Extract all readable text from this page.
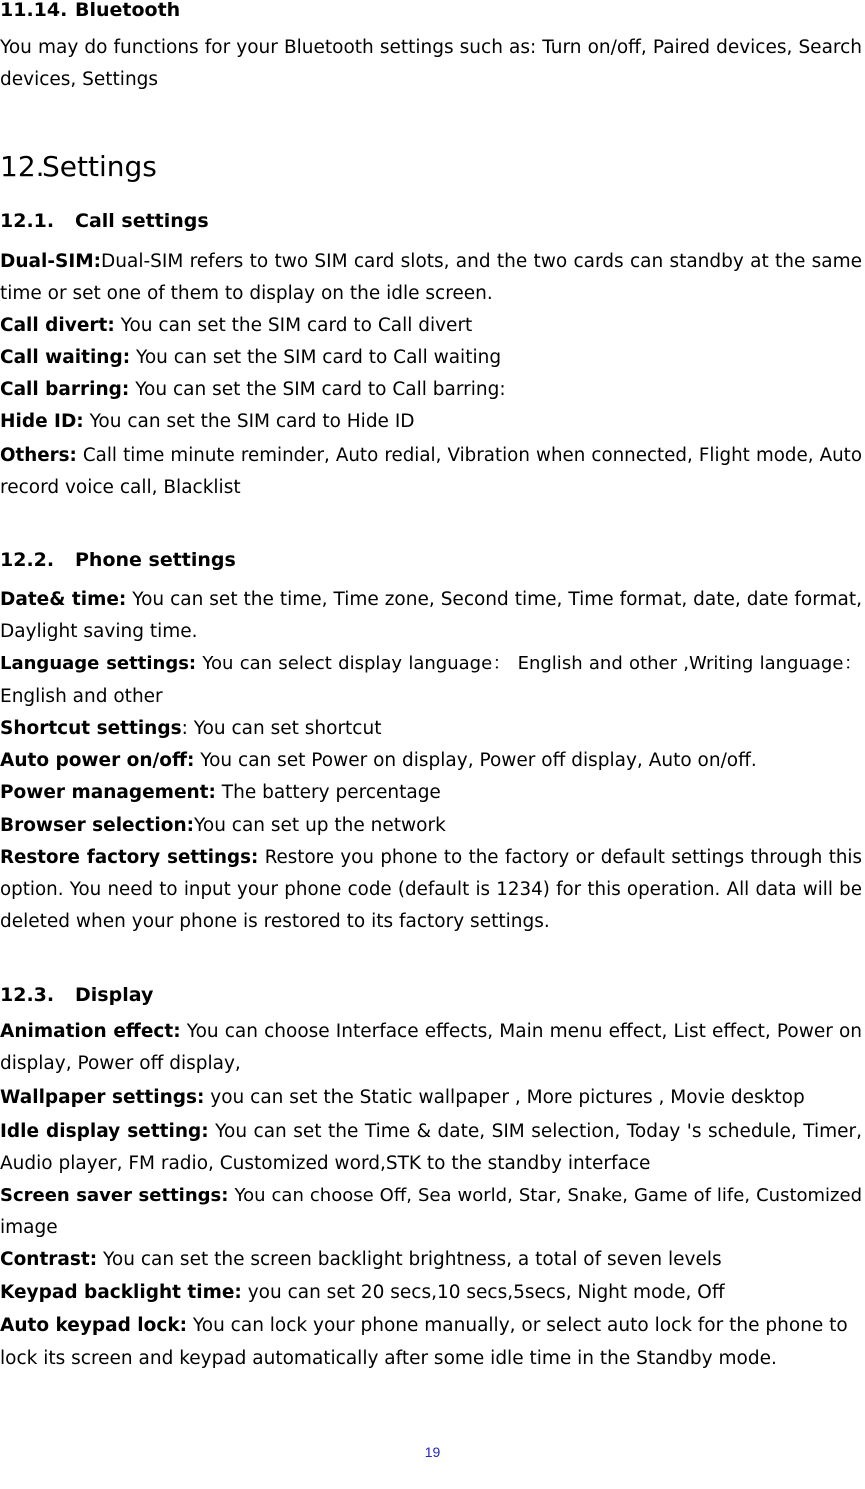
11.14. Bluetooth
You may do functions for your Bluetooth settings such as: Turn on/off, Paired devices, Search
devices, Settings
12.Settings
12.1. Call settings
Dual-SIM:Dual-SIM refers to two SIM card slots, and the two cards can standby at the same
time or set one of them to display on the idle screen.
Call divert: You can set the SIM card to Call divert
Call waiting: You can set the SIM card to Call waiting
Call barring: You can set the SIM card to Call barring:
Hide ID: You can set the SIM card to Hide ID
Others: Call time minute reminder, Auto redial, Vibration when connected, Flight mode, Auto
record voice call, Blacklist
12.2. Phone settings
Date& time: You can set the time, Time zone, Second time, Time format, date, date format,
Daylight saving time.
Language settings: You can select display language： English and other ,Writing language：
English and other
Shortcut settings: You can set shortcut
Auto power on/off: You can set Power on display, Power off display, Auto on/off.
Power management: The battery percentage
Browser selection:You can set up the network
Restore factory settings: Restore you phone to the factory or default settings through this
option. You need to input your phone code (default is 1234) for this operation. All data will be
deleted when your phone is restored to its factory settings.
12.3. Display
Animation effect: You can choose Interface effects, Main menu effect, List effect, Power on
display, Power off display,
Wallpaper settings: you can set the Static wallpaper , More pictures , Movie desktop
Idle display setting: You can set the Time & date, SIM selection, Today 's schedule, Timer,
Audio player, FM radio, Customized word,STK to the standby interface
Screen saver settings: You can choose Off, Sea world, Star, Snake, Game of life, Customized
image
Contrast: You can set the screen backlight brightness, a total of seven levels
Keypad backlight time: you can set 20 secs,10 secs,5secs, Night mode, Off
Auto keypad lock: You can lock your phone manually, or select auto lock for the phone to
lock its screen and keypad automatically after some idle time in the Standby mode.
19
